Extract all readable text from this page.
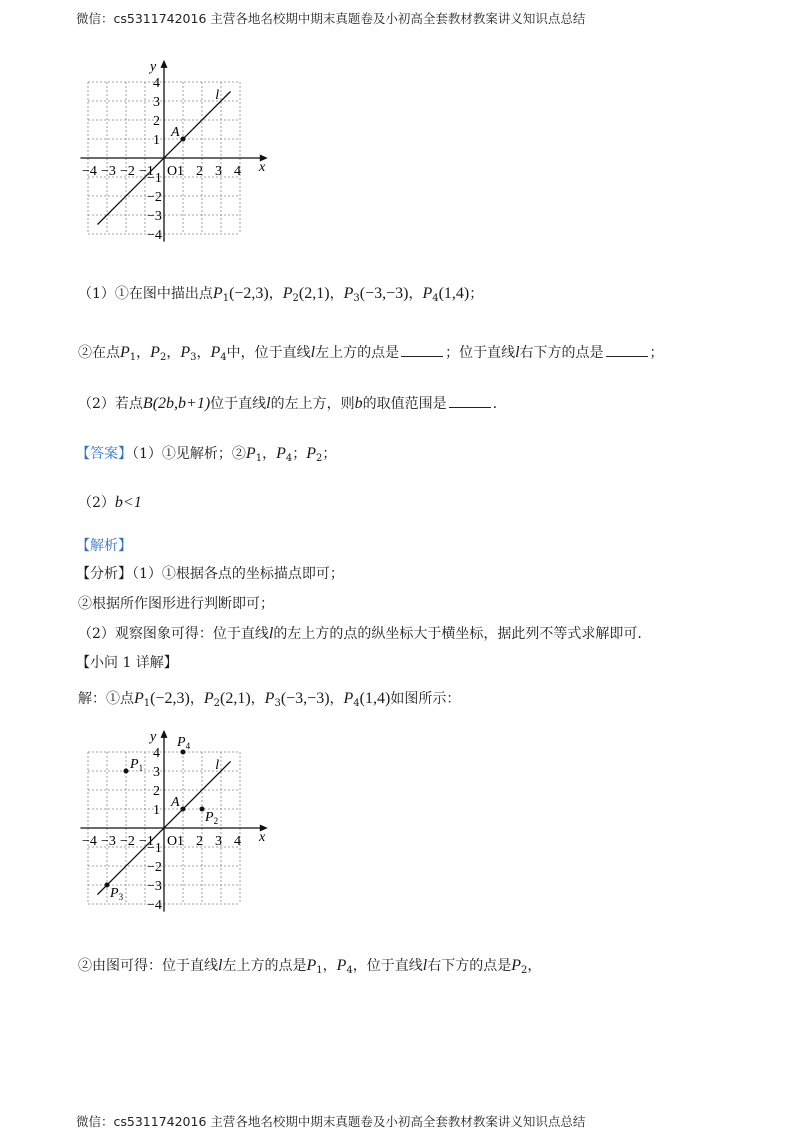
微信：cs5311742016 主营各地名校期中期末真题卷及小初高全套教材教案讲义知识点总结
x
y
−4 −3 −2 −1 O 1 2 3 4
4
3
2
1
−1
−2
−3
−4
l
A
（1）①在图中描出点$P_1(-2,3)$，$P_2(2,1)$，$P_3(-3,-3)$，$P_4(1,4)$；
②在点$P_1$，$P_2$，$P_3$，$P_4$中，位于直线l左上方的点是	；位于直线l右下方的点是	；
（2）若点B(2b,b+1)位于直线l的左上方，则b的取值范围是	.
【答案】（1）①见解析；$②P_1$，$P_4$；$P_2$；
（2）b<1
【解析】
【分析】（1）①根据各点的坐标描点即可；
②根据所作图形进行判断即可；
（2）观察图象可得：位于直线l的左上方的点的纵坐标大于横坐标，据此列不等式求解即可.
【小问 1 详解】
解：①点$P_1(-2,3)$，$P_2(2,1)$，$P_3(-3,-3)$，$P_4(1,4)$如图所示：
x
y
−4 −3 −2 −1 O 1 2 3 4
4
3
2
1
−1
−2
−3
−4
l
A
$P_1$
$P_2$
$P_3$
$P_4$
②由图可得：位于直线l左上方的点是$P_1$，$P_4$，位于直线l右下方的点是$P_2$，
微信：cs5311742016 主营各地名校期中期末真题卷及小初高全套教材教案讲义知识点总结
